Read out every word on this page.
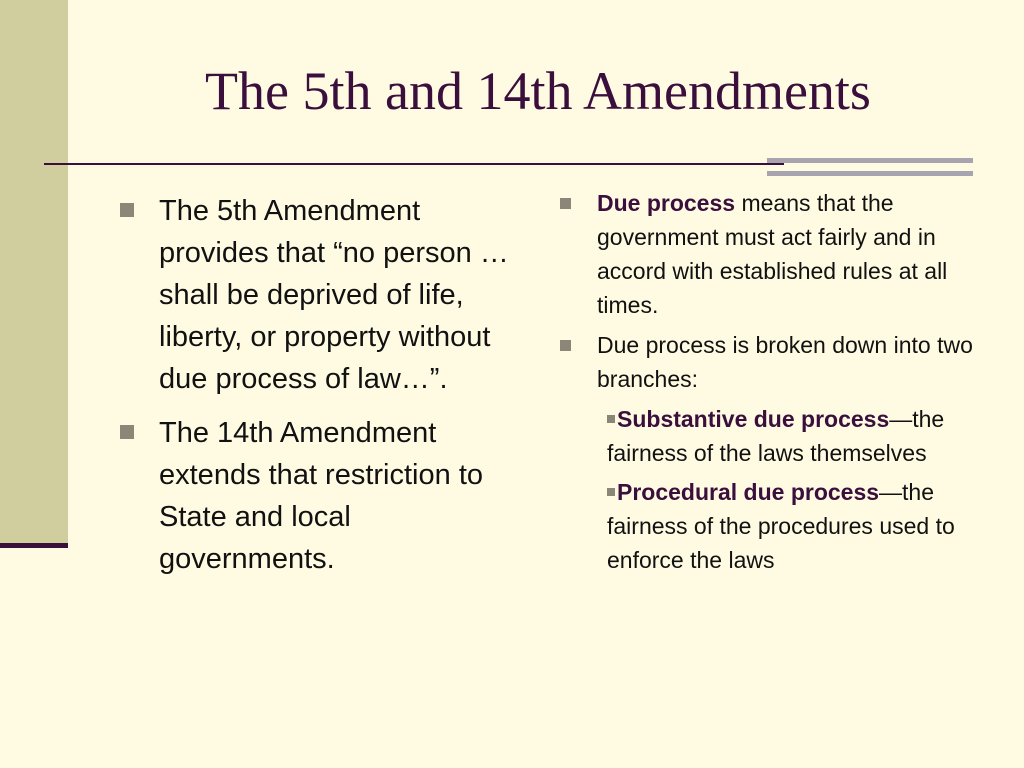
The 5th and 14th Amendments
The 5th Amendment provides that “no person … shall be deprived of life, liberty, or property without due process of law…”.
The 14th Amendment extends that restriction to State and local governments.
Due process means that the government must act fairly and in accord with established rules at all times.
Due process is broken down into two branches:
Substantive due process—the fairness of the laws themselves
Procedural due process—the fairness of the procedures used to enforce the laws
